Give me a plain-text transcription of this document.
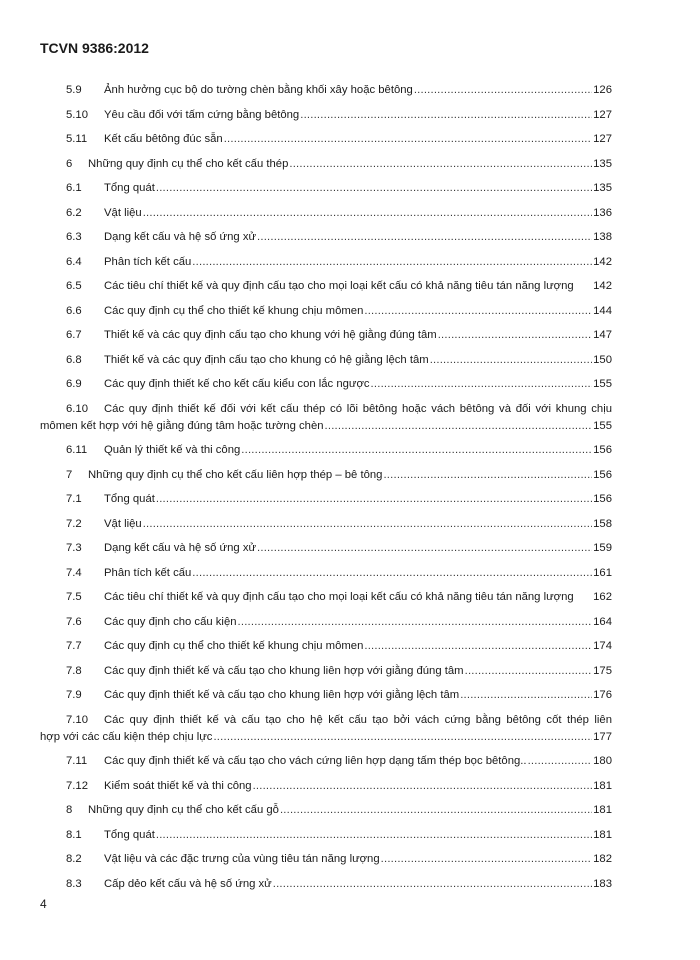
TCVN 9386:2012
5.9	Ảnh hưởng cục bộ do tường chèn bằng khối xây hoặc bêtông .....	126
5.10	Yêu cầu đối với tấm cứng bằng bêtông .....	127
5.11	Kết cấu bêtông đúc sẵn .....	127
6	Những quy định cụ thể cho kết cấu thép .....	135
6.1	Tổng quát .....	135
6.2	Vật liệu .....	136
6.3	Dạng kết cấu và hệ số ứng xử .....	138
6.4	Phân tích kết cấu .....	142
6.5	Các tiêu chí thiết kế và quy định cấu tạo cho mọi loại kết cấu có khả năng tiêu tán năng lượng 142
6.6	Các quy định cụ thể cho thiết kế khung chịu mômen .....	144
6.7	Thiết kế và các quy định cấu tạo cho khung với hệ giằng đúng tâm .....	147
6.8	Thiết kế và các quy định cấu tạo cho khung có hệ giằng lệch tâm .....	150
6.9	Các quy định thiết kế cho kết cấu kiểu con lắc ngược .....	155
6.10	Các quy định thiết kế đối với kết cấu thép có lõi bêtông hoặc vách bêtông và đối với khung chịu
mômen kết hợp với hệ giằng đúng tâm hoặc tường chèn .....	155
6.11	Quản lý thiết kế và thi công .....	156
7	Những quy định cụ thể cho kết cấu liên hợp thép – bê tông .....	156
7.1	Tổng quát .....	156
7.2	Vật liệu .....	158
7.3	Dạng kết cấu và hệ số ứng xử .....	159
7.4	Phân tích kết cấu .....	161
7.5	Các tiêu chí thiết kế và quy định cấu tạo cho mọi loại kết cấu có khả năng tiêu tán năng lượng 162
7.6	Các quy định cho cấu kiện .....	164
7.7	Các quy định cụ thể cho thiết kế khung chịu mômen .....	174
7.8	Các quy định thiết kế và cấu tạo cho khung liên hợp với giằng đúng tâm .....	175
7.9	Các quy định thiết kế và cấu tạo cho khung liên hợp với giằng lệch tâm .....	176
7.10	Các quy định thiết kế và cấu tạo cho hệ kết cấu tạo bởi vách cứng bằng bêtông cốt thép liên
hợp với các cấu kiện thép chịu lực .....	177
7.11	Các quy định thiết kế và cấu tạo cho vách cứng liên hợp dạng tấm thép bọc bêtông.. .....	180
7.12	Kiểm soát thiết kế và thi công .....	181
8	Những quy định cụ thể cho kết cấu gỗ .....	181
8.1	Tổng quát .....	181
8.2	Vật liệu và các đặc trưng của vùng tiêu tán năng lượng .....	182
8.3	Cấp dẻo kết cấu và hệ số ứng xử .....	183
4
